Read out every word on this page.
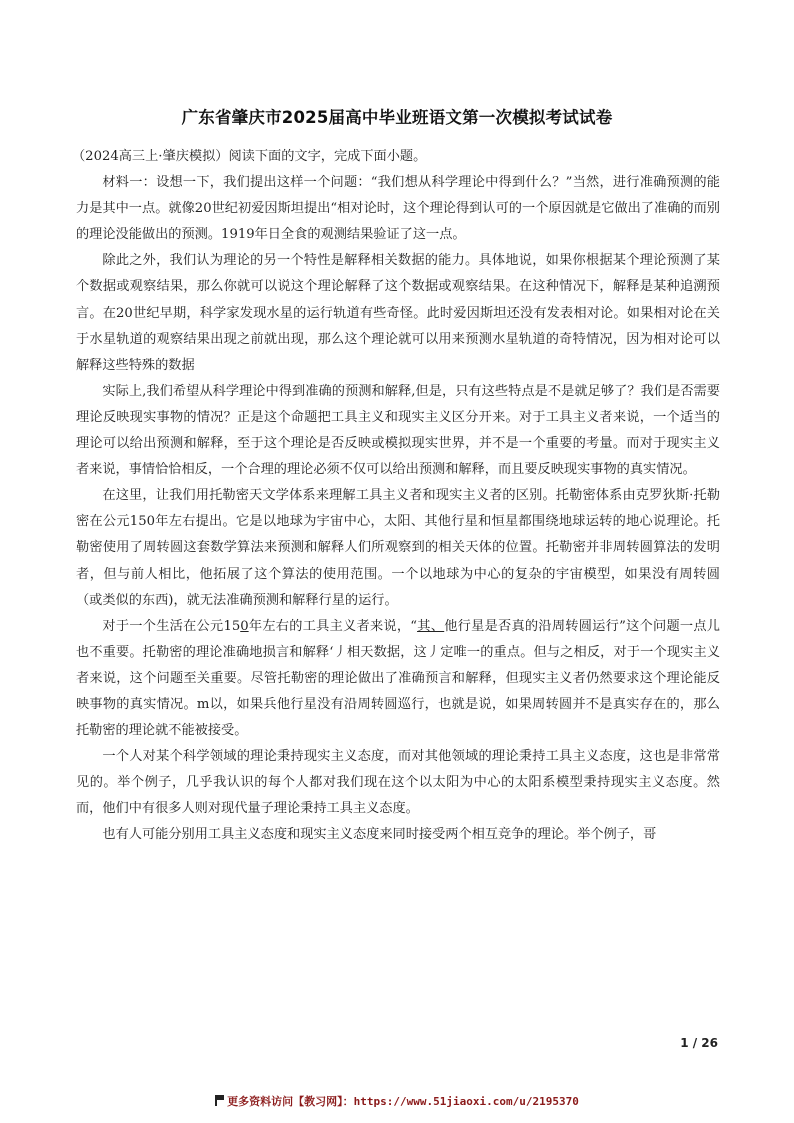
广东省肇庆市2025届高中毕业班语文第一次模拟考试试卷

（2024高三上·肇庆模拟）阅读下面的文字，完成下面小题。

材料一：设想一下，我们提出这样一个问题：“我们想从科学理论中得到什么？”当然，进行准确预测的能力是其中一点。就像20世纪初爱因斯坦提出“相对论时，这个理论得到认可的一个原因就是它做出了准确的而别的理论没能做出的预测。1919年日全食的观测结果验证了这一点。

除此之外，我们认为理论的另一个特性是解释相关数据的能力。具体地说，如果你根据某个理论预测了某个数据或观察结果，那么你就可以说这个理论解释了这个数据或观察结果。在这种情况下，解释是某种追溯预言。在20世纪早期，科学家发现水星的运行轨道有些奇怪。此时爱因斯坦还没有发表相对论。如果相对论在关于水星轨道的观察结果出现之前就出现，那么这个理论就可以用来预测水星轨道的奇特情况，因为相对论可以解释这些特殊的数据

实际上,我们希望从科学理论中得到准确的预测和解释,但是，只有这些特点是不是就足够了？我们是否需要理论反映现实事物的情况？正是这个命题把工具主义和现实主义区分开来。对于工具主义者来说，一个适当的理论可以给出预测和解释，至于这个理论是否反映或模拟现实世界，并不是一个重要的考量。而对于现实主义者来说，事情恰恰相反，一个合理的理论必须不仅可以给出预测和解释，而且要反映现实事物的真实情况。

在这里，让我们用托勒密天文学体系来理解工具主义者和现实主义者的区别。托勒密体系由克罗狄斯·托勒密在公元150年左右提出。它是以地球为宇宙中心，太阳、其他行星和恒星都围绕地球运转的地心说理论。托勒密使用了周转圆这套数学算法来预测和解释人们所观察到的相关天体的位置。托勒密并非周转圆算法的发明者，但与前人相比，他拓展了这个算法的使用范围。一个以地球为中心的复杂的宇宙模型，如果没有周转圆（或类似的东西)，就无法准确预测和解释行星的运行。

对于一个生活在公元150年左右的工具主义者来说，“其、他行星是否真的沿周转圆运行”这个问题一点儿也不重要。托勒密的理论准确地损言和解释‘丿相天数据，这丿定唯一的重点。但与之相反，对于一个现实主义者来说，这个问题至关重要。尽管托勒密的理论做出了准确预言和解释，但现实主义者仍然要求这个理论能反映事物的真实情况。m以，如果兵他行星没有沿周转圆巡行，也就是说，如果周转圆并不是真实存在的，那么托勒密的理论就不能被接受。

一个人对某个科学领域的理论秉持现实主义态度，而对其他领域的理论秉持工具主义态度，这也是非常常见的。举个例子，几乎我认识的每个人都对我们现在这个以太阳为中心的太阳系模型秉持现实主义态度。然而，他们中有很多人则对现代量子理论秉持工具主义态度。

也有人可能分别用工具主义态度和现实主义态度来同时接受两个相互竞争的理论。举个例子，哥

1 / 26
更多资料访问【教习网】：https://www.51jiaoxi.com/u/2195370
